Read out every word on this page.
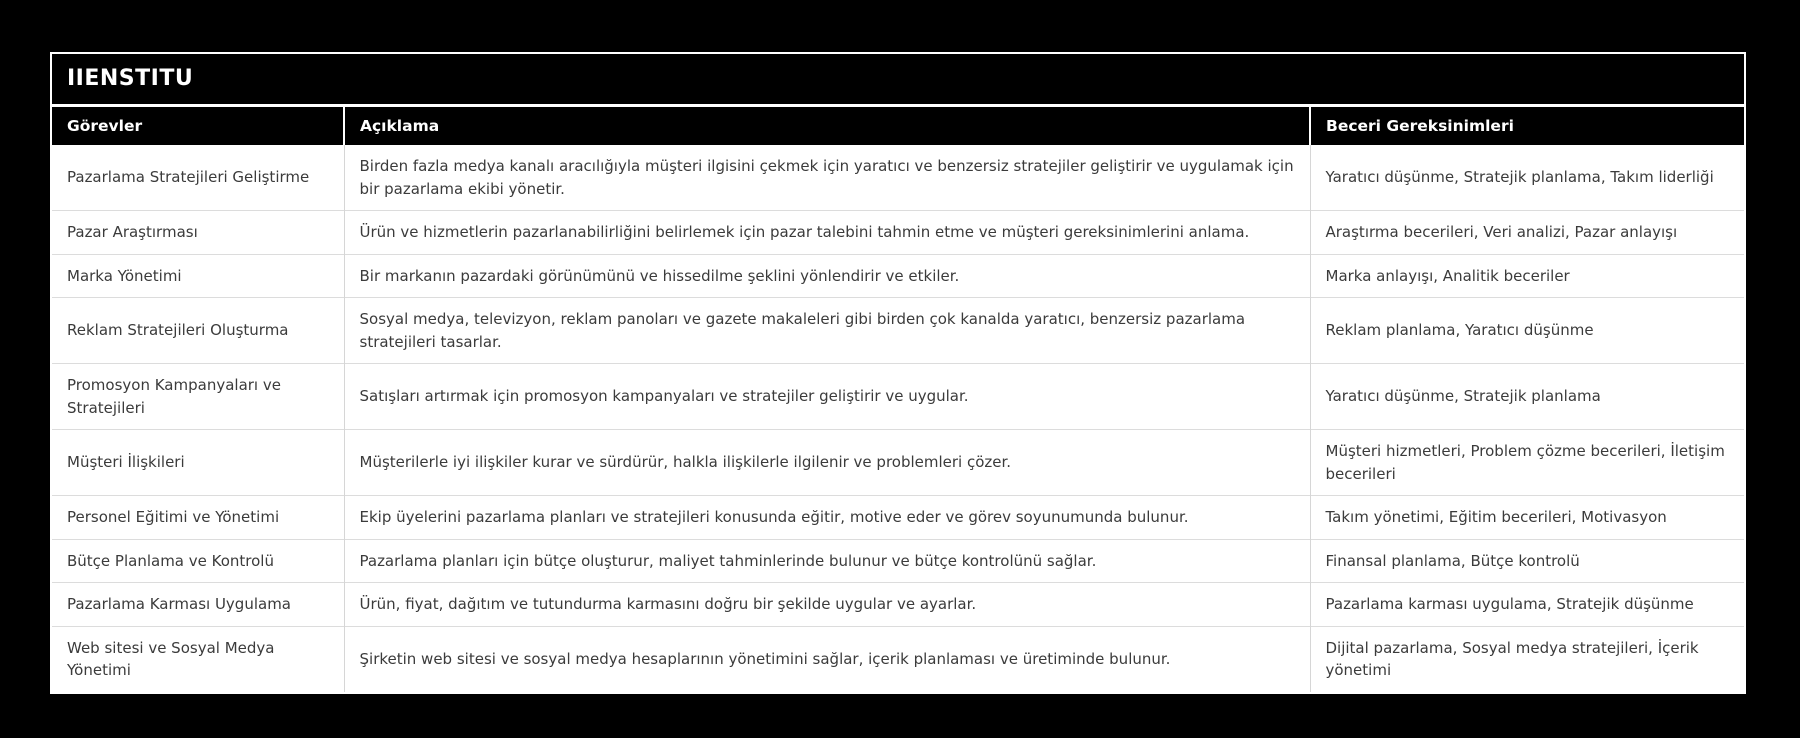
IIENSTITU
Görevler	Açıklama	Beceri Gereksinimleri
Pazarlama Stratejileri Geliştirme	Birden fazla medya kanalı aracılığıyla müşteri ilgisini çekmek için yaratıcı ve benzersiz stratejiler geliştirir ve uygulamak için bir pazarlama ekibi yönetir.	Yaratıcı düşünme, Stratejik planlama, Takım liderliği
Pazar Araştırması	Ürün ve hizmetlerin pazarlanabilirliğini belirlemek için pazar talebini tahmin etme ve müşteri gereksinimlerini anlama.	Araştırma becerileri, Veri analizi, Pazar anlayışı
Marka Yönetimi	Bir markanın pazardaki görünümünü ve hissedilme şeklini yönlendirir ve etkiler.	Marka anlayışı, Analitik beceriler
Reklam Stratejileri Oluşturma	Sosyal medya, televizyon, reklam panoları ve gazete makaleleri gibi birden çok kanalda yaratıcı, benzersiz pazarlama stratejileri tasarlar.	Reklam planlama, Yaratıcı düşünme
Promosyon Kampanyaları ve Stratejileri	Satışları artırmak için promosyon kampanyaları ve stratejiler geliştirir ve uygular.	Yaratıcı düşünme, Stratejik planlama
Müşteri İlişkileri	Müşterilerle iyi ilişkiler kurar ve sürdürür, halkla ilişkilerle ilgilenir ve problemleri çözer.	Müşteri hizmetleri, Problem çözme becerileri, İletişim becerileri
Personel Eğitimi ve Yönetimi	Ekip üyelerini pazarlama planları ve stratejileri konusunda eğitir, motive eder ve görev soyunumunda bulunur.	Takım yönetimi, Eğitim becerileri, Motivasyon
Bütçe Planlama ve Kontrolü	Pazarlama planları için bütçe oluşturur, maliyet tahminlerinde bulunur ve bütçe kontrolünü sağlar.	Finansal planlama, Bütçe kontrolü
Pazarlama Karması Uygulama	Ürün, fiyat, dağıtım ve tutundurma karmasını doğru bir şekilde uygular ve ayarlar.	Pazarlama karması uygulama, Stratejik düşünme
Web sitesi ve Sosyal Medya Yönetimi	Şirketin web sitesi ve sosyal medya hesaplarının yönetimini sağlar, içerik planlaması ve üretiminde bulunur.	Dijital pazarlama, Sosyal medya stratejileri, İçerik yönetimi
